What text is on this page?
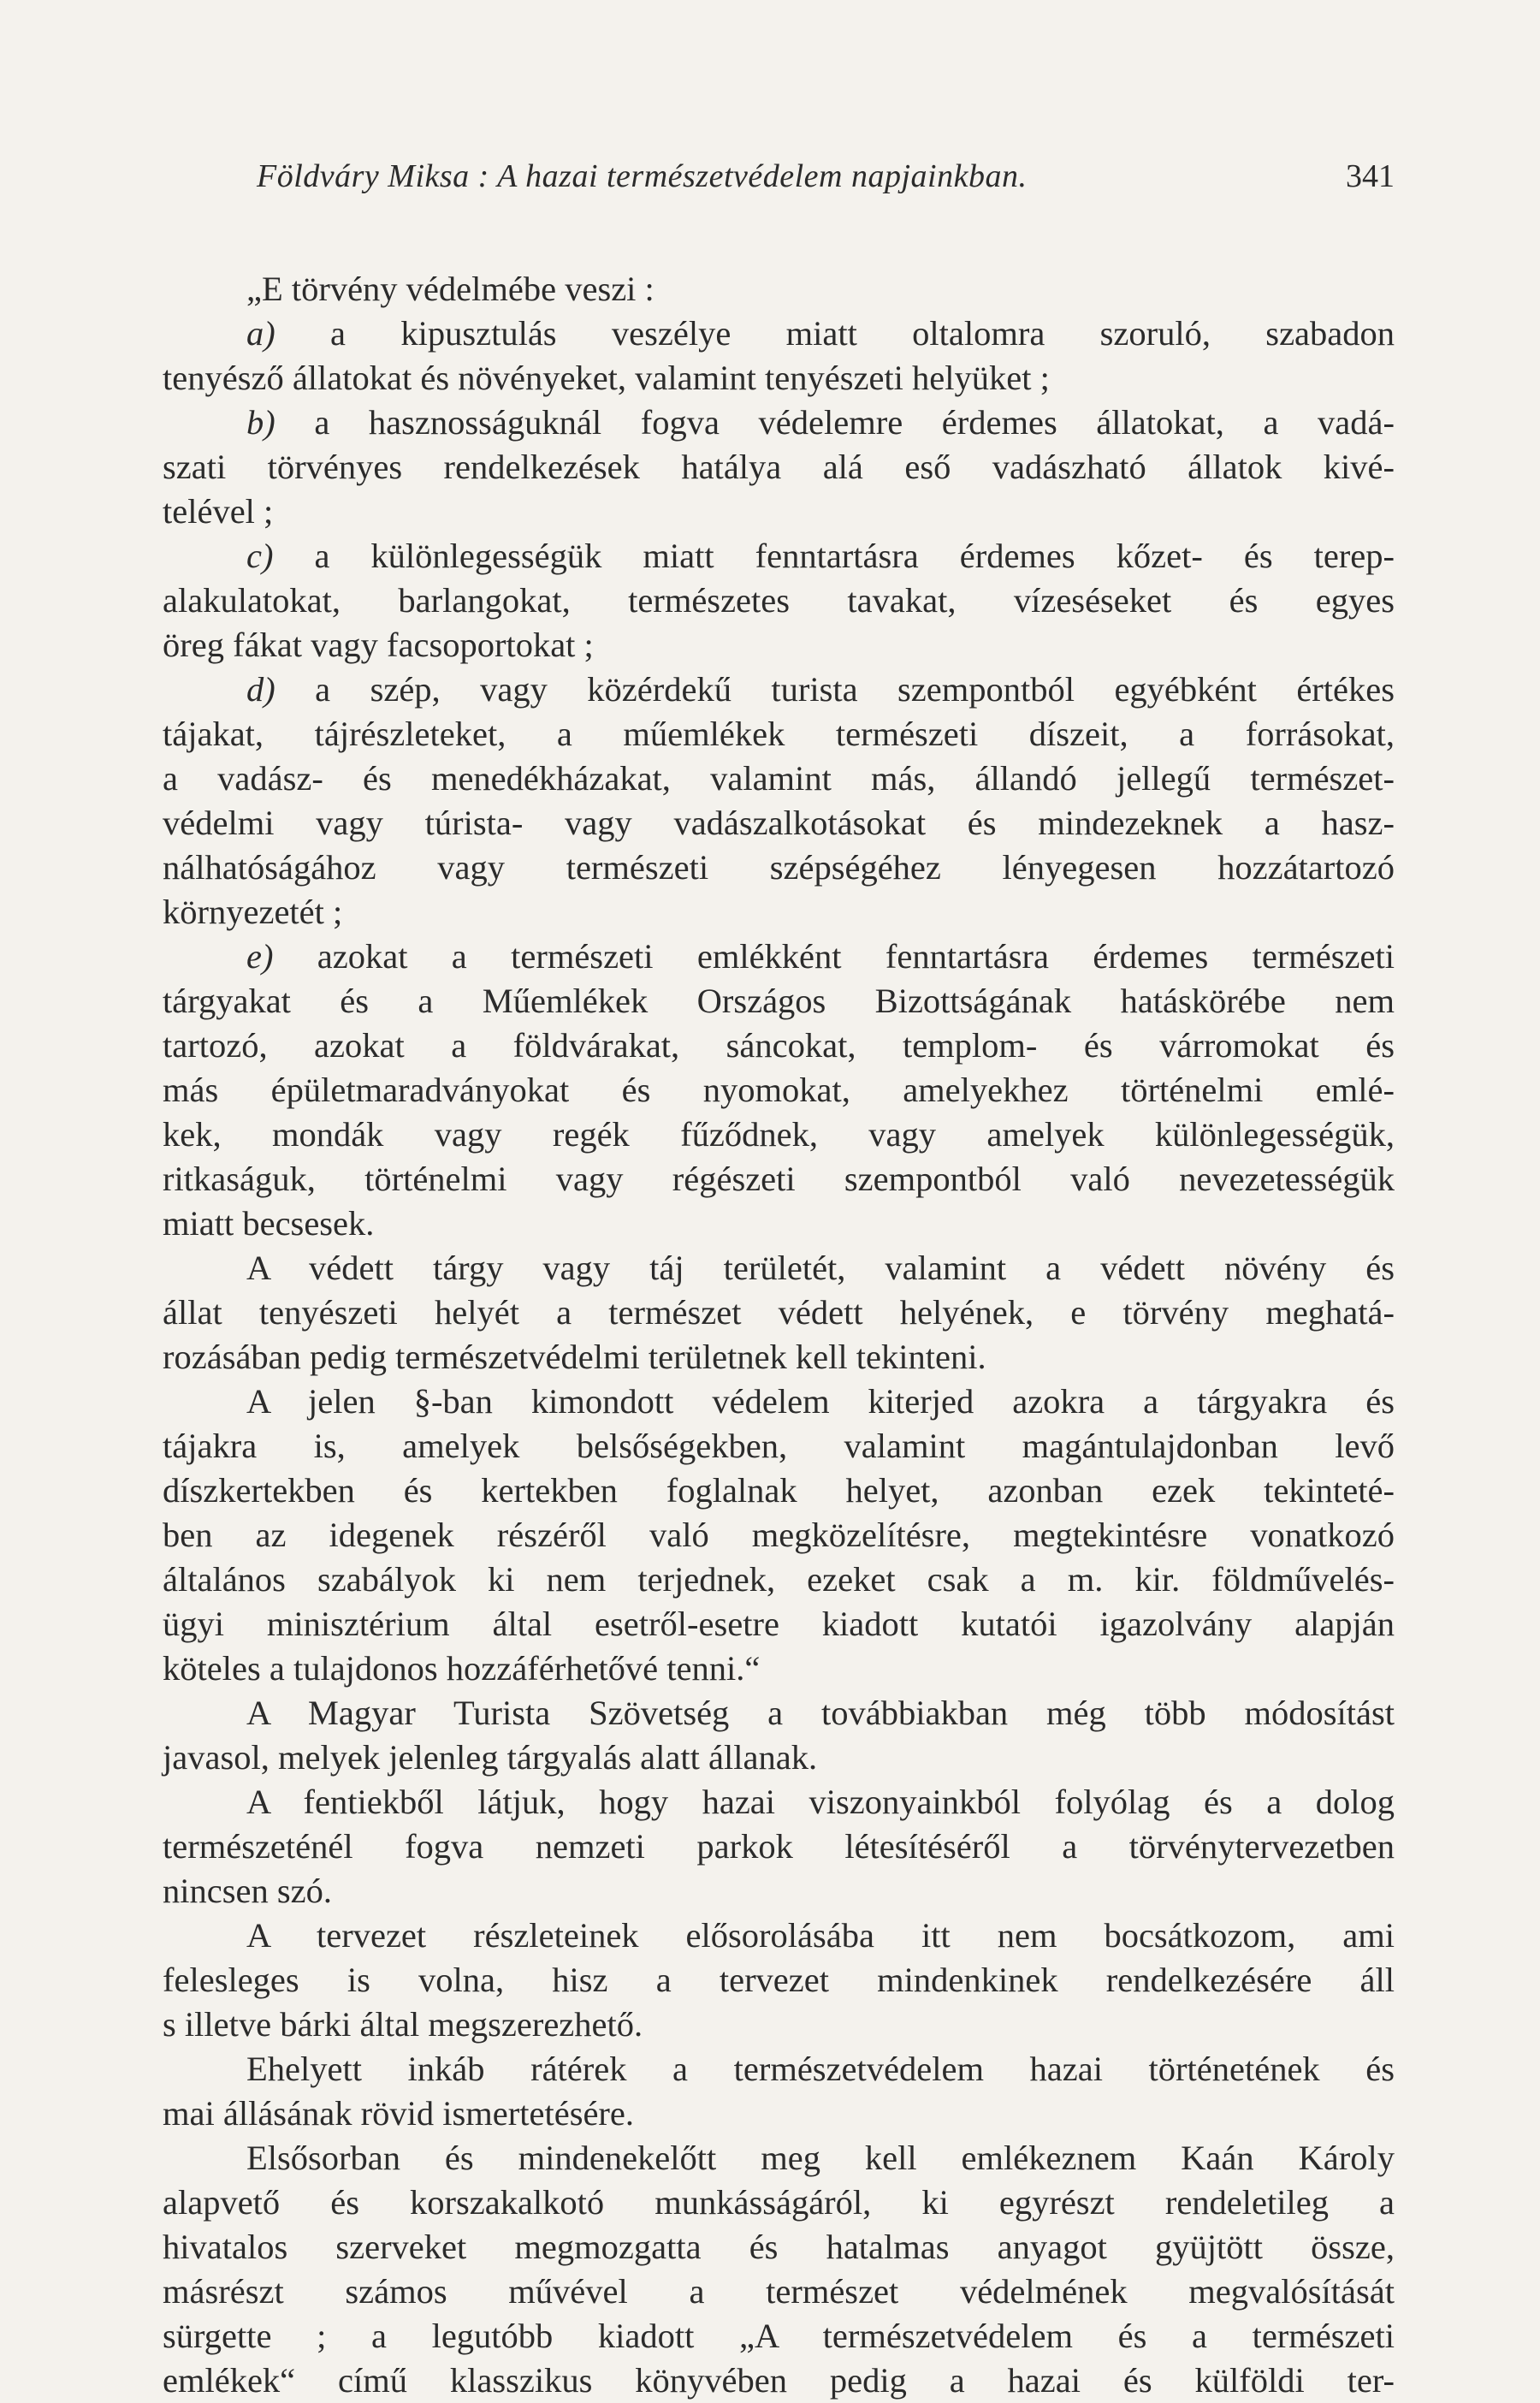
Földváry Miksa : A hazai természetvédelem napjainkban.	341
„E törvény védelmébe veszi :
a) a kipusztulás veszélye miatt oltalomra szoruló, szabadon
tenyésző állatokat és növényeket, valamint tenyészeti helyüket ;
b) a hasznosságuknál fogva védelemre érdemes állatokat, a vadá-
szati törvényes rendelkezések hatálya alá eső vadászható állatok kivé-
telével ;
c) a különlegességük miatt fenntartásra érdemes kőzet- és terep-
alakulatokat, barlangokat, természetes tavakat, vízeséseket és egyes
öreg fákat vagy facsoportokat ;
d) a szép, vagy közérdekű turista szempontból egyébként értékes
tájakat, tájrészleteket, a műemlékek természeti díszeit, a forrásokat,
a vadász- és menedékházakat, valamint más, állandó jellegű természet-
védelmi vagy túrista- vagy vadászalkotásokat és mindezeknek a hasz-
nálhatóságához vagy természeti szépségéhez lényegesen hozzátartozó
környezetét ;
e) azokat a természeti emlékként fenntartásra érdemes természeti
tárgyakat és a Műemlékek Országos Bizottságának hatáskörébe nem
tartozó, azokat a földvárakat, sáncokat, templom- és várromokat és
más épületmaradványokat és nyomokat, amelyekhez történelmi emlé-
kek, mondák vagy regék fűződnek, vagy amelyek különlegességük,
ritkaságuk, történelmi vagy régészeti szempontból való nevezetességük
miatt becsesek.
A védett tárgy vagy táj területét, valamint a védett növény és
állat tenyészeti helyét a természet védett helyének, e törvény meghatá-
rozásában pedig természetvédelmi területnek kell tekinteni.
A jelen §-ban kimondott védelem kiterjed azokra a tárgyakra és
tájakra is, amelyek belsőségekben, valamint magántulajdonban levő
díszkertekben és kertekben foglalnak helyet, azonban ezek tekinteté-
ben az idegenek részéről való megközelítésre, megtekintésre vonatkozó
általános szabályok ki nem terjednek, ezeket csak a m. kir. földművelés-
ügyi minisztérium által esetről-esetre kiadott kutatói igazolvány alapján
köteles a tulajdonos hozzáférhetővé tenni.“
A Magyar Turista Szövetség a továbbiakban még több módosítást
javasol, melyek jelenleg tárgyalás alatt állanak.
A fentiekből látjuk, hogy hazai viszonyainkból folyólag és a dolog
természeténél fogva nemzeti parkok létesítéséről a törvénytervezetben
nincsen szó.
A tervezet részleteinek elősorolásába itt nem bocsátkozom, ami
felesleges is volna, hisz a tervezet mindenkinek rendelkezésére áll
s illetve bárki által megszerezhető.
Ehelyett inkáb rátérek a természetvédelem hazai történetének és
mai állásának rövid ismertetésére.
Elsősorban és mindenekelőtt meg kell emlékeznem Kaán Károly
alapvető és korszakalkotó munkásságáról, ki egyrészt rendeletileg a
hivatalos szerveket megmozgatta és hatalmas anyagot gyüjtött össze,
másrészt számos művével a természet védelmének megvalósítását
sürgette ; a legutóbb kiadott „A természetvédelem és a természeti
emlékek“ című klasszikus könyvében pedig a hazai és külföldi ter-
